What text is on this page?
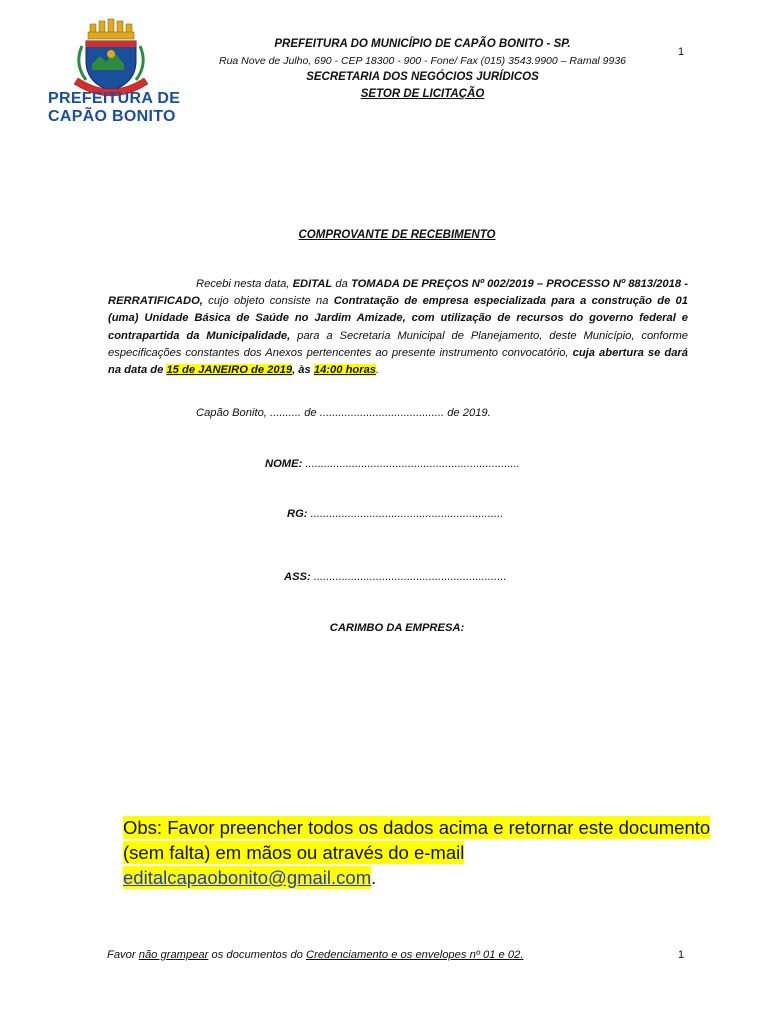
PREFEITURA DE
CAPÃO BONITO
PREFEITURA DO MUNICÍPIO DE CAPÃO BONITO - SP.
Rua Nove de Julho, 690 - CEP 18300 - 900 - Fone/ Fax (015) 3543.9900 – Ramal 9936
SECRETARIA DOS NEGÓCIOS JURÍDICOS
SETOR DE LICITAÇÃO
1
COMPROVANTE DE RECEBIMENTO
Recebi nesta data, EDITAL da TOMADA DE PREÇOS Nº 002/2019 – PROCESSO Nº 8813/2018 - RERRATIFICADO, cujo objeto consiste na Contratação de empresa especializada para a construção de 01 (uma) Unidade Básica de Saúde no Jardim Amizade, com utilização de recursos do governo federal e contrapartida da Municipalidade, para a Secretaria Municipal de Planejamento, deste Município, conforme especificações constantes dos Anexos pertencentes ao presente instrumento convocatório, cuja abertura se dará na data de 15 de JANEIRO de 2019, às 14:00 horas.
Capão Bonito, .......... de ........................................ de 2019.
NOME: .....................................................................
RG: ..............................................................
ASS: ..............................................................
CARIMBO DA EMPRESA:
Obs: Favor preencher todos os dados acima e retornar este documento (sem falta) em mãos ou através do e-mail editalcapaobonito@gmail.com.
Favor não grampear os documentos do Credenciamento e os envelopes nº 01 e 02.	1
